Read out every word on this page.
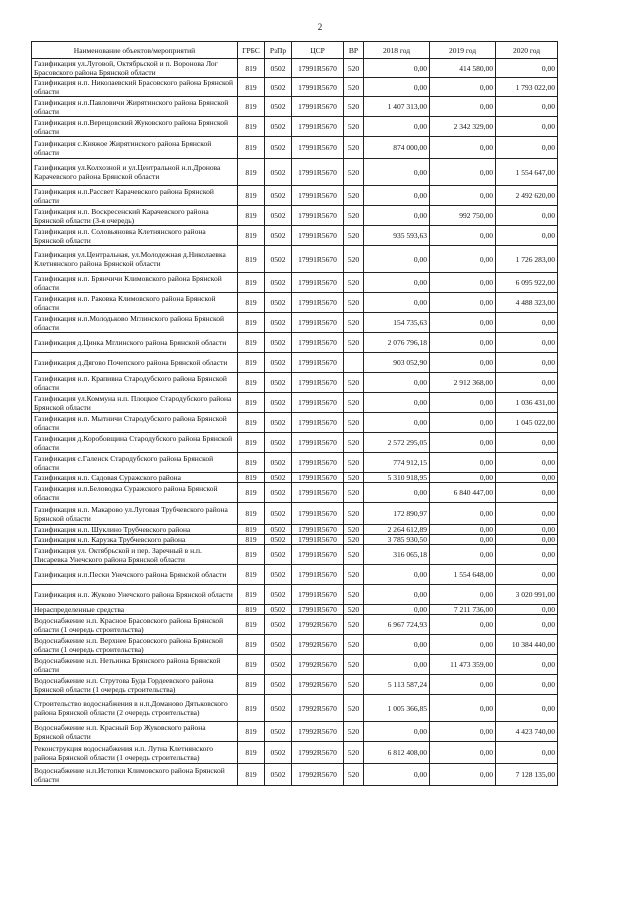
2
Наименование объектов/мероприятий	ГРБС	РзПр	ЦСР	ВР	2018 год	2019 год	2020 год
Газификация ул.Луговой, Октябрьской и п. Воронова Лог Брасовского района Брянской области	819	0502	17991R5670	520	0,00	414 580,00	0,00
Газификация н.п. Николаевский Брасовского района Брянской области	819	0502	17991R5670	520	0,00	0,00	1 793 022,00
Газификация н.п.Павловичи Жирятинского района Брянской области	819	0502	17991R5670	520	1 407 313,00	0,00	0,00
Газификация н.п.Верещовский Жуковского района Брянской области	819	0502	17991R5670	520	0,00	2 342 329,00	0,00
Газификация с.Княжое Жирятинского района Брянской области	819	0502	17991R5670	520	874 000,00	0,00	0,00
Газификация ул.Колхозной и ул.Центральной н.п.Дронова Карачевского района Брянской области	819	0502	17991R5670	520	0,00	0,00	1 554 647,00
Газификация н.п.Рассвет Карачевского района Брянской области	819	0502	17991R5670	520	0,00	0,00	2 492 620,00
Газификация н.п. Воскресенский Карачевского района Брянской области (3-я очередь)	819	0502	17991R5670	520	0,00	992 750,00	0,00
Газификация н.п. Соловьяновка Клетнянского района Брянской области	819	0502	17991R5670	520	935 593,63	0,00	0,00
Газификация ул.Центральная, ул.Молодежная д.Николаевка Клетнянского района Брянской области	819	0502	17991R5670	520	0,00	0,00	1 726 283,00
Газификация н.п. Брянчичи Климовского района Брянской области	819	0502	17991R5670	520	0,00	0,00	6 095 922,00
Газификация н.п. Раковка Климовского района Брянской области	819	0502	17991R5670	520	0,00	0,00	4 488 323,00
Газификация н.п.Молодьково Мглинского района Брянской области	819	0502	17991R5670	520	154 735,63	0,00	0,00
Газификация д.Цинка Мглинского района Брянской области	819	0502	17991R5670	520	2 076 796,18	0,00	0,00
Газификация д.Дягово Почепского района Брянской области	819	0502	17991R5670		903 052,90	0,00	0,00
Газификация н.п. Крапивна Стародубского района Брянской области	819	0502	17991R5670	520	0,00	2 912 368,00	0,00
Газификация ул.Коммуна н.п. Плоцкое Стародубского района Брянской области	819	0502	17991R5670	520	0,00	0,00	1 036 431,00
Газификация н.п. Мытничи Стародубского района Брянской области	819	0502	17991R5670	520	0,00	0,00	1 045 022,00
Газификация д.Коробовщина Стародубского района Брянской области	819	0502	17991R5670	520	2 572 295,05	0,00	0,00
Газификация с.Галенск Стародубского района Брянской области	819	0502	17991R5670	520	774 912,15	0,00	0,00
Газификация н.п. Садовая Суражского района	819	0502	17991R5670	520	5 310 918,95	0,00	0,00
Газификация н.п.Беловодка Суражского района Брянской области	819	0502	17991R5670	520	0,00	6 840 447,00	0,00
Газификация н.п. Макарово ул.Луговая Трубчевского района Брянской области	819	0502	17991R5670	520	172 890,97	0,00	0,00
Газификация н.п. Шуклино Трубчевского района	819	0502	17991R5670	520	2 264 612,89	0,00	0,00
Газификация н.п. Карузка Трубчевского района	819	0502	17991R5670	520	3 785 930,50	0,00	0,00
Газификация ул. Октябрьской и пер. Заречный в н.п. Писаревка Унечского района Брянской области	819	0502	17991R5670	520	316 065,18	0,00	0,00
Газификация н.п.Пески Унечского района Брянской области	819	0502	17991R5670	520	0,00	1 554 648,00	0,00
Газификация н.п. Жуково Унечского района Брянской области	819	0502	17991R5670	520	0,00	0,00	3 020 991,00
Нераспределенные средства	819	0502	17991R5670	520	0,00	7 211 736,00	0,00
Водоснабжение н.п. Красное Брасовского района Брянской области (1 очередь строительства)	819	0502	17992R5670	520	6 967 724,93	0,00	0,00
Водоснабжение н.п. Верхнее Брасовского района Брянской области (1 очередь строительства)	819	0502	17992R5670	520	0,00	0,00	10 384 440,00
Водоснабжение н.п. Нетьинка Брянского района Брянской области	819	0502	17992R5670	520	0,00	11 473 359,00	0,00
Водоснабжение н.п. Струтова Буда Гордеевского района Брянской области (1 очередь строительства)	819	0502	17992R5670	520	5 113 587,24	0,00	0,00
Строительство водоснабжения в н.п.Доманово Дятьковского района Брянской области (2 очередь строительства)	819	0502	17992R5670	520	1 005 366,85	0,00	0,00
Водоснабжение н.п. Красный Бор Жуковского района Брянской области	819	0502	17992R5670	520	0,00	0,00	4 423 740,00
Реконструкция водоснабжения н.п. Лутна Клетнянского района Брянской области (1 очередь строительства)	819	0502	17992R5670	520	6 812 408,00	0,00	0,00
Водоснабжение н.п.Истопки Климовского района Брянской области	819	0502	17992R5670	520	0,00	0,00	7 128 135,00
